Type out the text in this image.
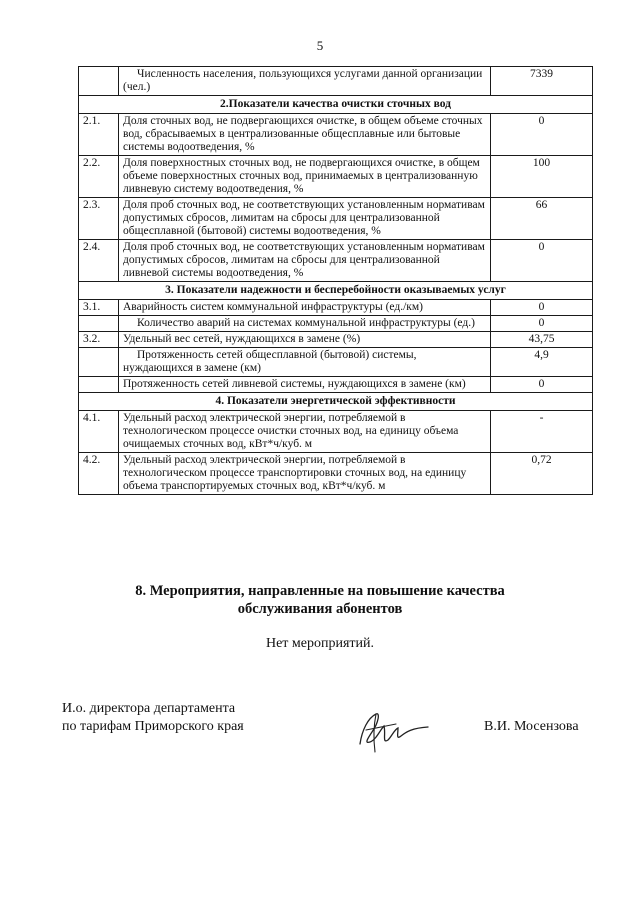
5
	Численность населения, пользующихся услугами данной организации (чел.)	7339
2.Показатели качества очистки сточных вод		
2.1.	Доля сточных вод, не подвергающихся очистке, в общем объеме сточных вод, сбрасываемых в централизованные общесплавные или бытовые системы водоотведения, %	0
2.2.	Доля поверхностных сточных вод, не подвергающихся очистке, в общем объеме поверхностных сточных вод, принимаемых в централизованную ливневую систему водоотведения, %	100
2.3.	Доля проб сточных вод, не соответствующих установленным нормативам допустимых сбросов, лимитам на сбросы для централизованной общесплавной (бытовой) системы водоотведения, %	66
2.4.	Доля проб сточных вод, не соответствующих установленным нормативам допустимых сбросов, лимитам на сбросы для централизованной ливневой системы водоотведения, %	0
3. Показатели надежности и бесперебойности оказываемых услуг		
3.1.	Аварийность систем коммунальной инфраструктуры (ед./км)	0
	Количество аварий на системах коммунальной инфраструктуры (ед.)	0
3.2.	Удельный вес сетей, нуждающихся в замене (%)	43,75
	Протяженность сетей общесплавной (бытовой) системы, нуждающихся в замене (км)	4,9
	Протяженность сетей ливневой системы, нуждающихся в замене (км)	0
4. Показатели энергетической эффективности		
4.1.	Удельный расход электрической энергии, потребляемой в технологическом процессе очистки сточных вод, на единицу объема очищаемых сточных вод, кВт*ч/куб. м	-
4.2.	Удельный расход электрической энергии, потребляемой в технологическом процессе транспортировки сточных вод, на единицу объема транспортируемых сточных вод, кВт*ч/куб. м	0,72
8. Мероприятия, направленные на повышение качества
обслуживания абонентов
Нет мероприятий.
И.о. директора департамента
по тарифам Приморского края	В.И. Мосензова
